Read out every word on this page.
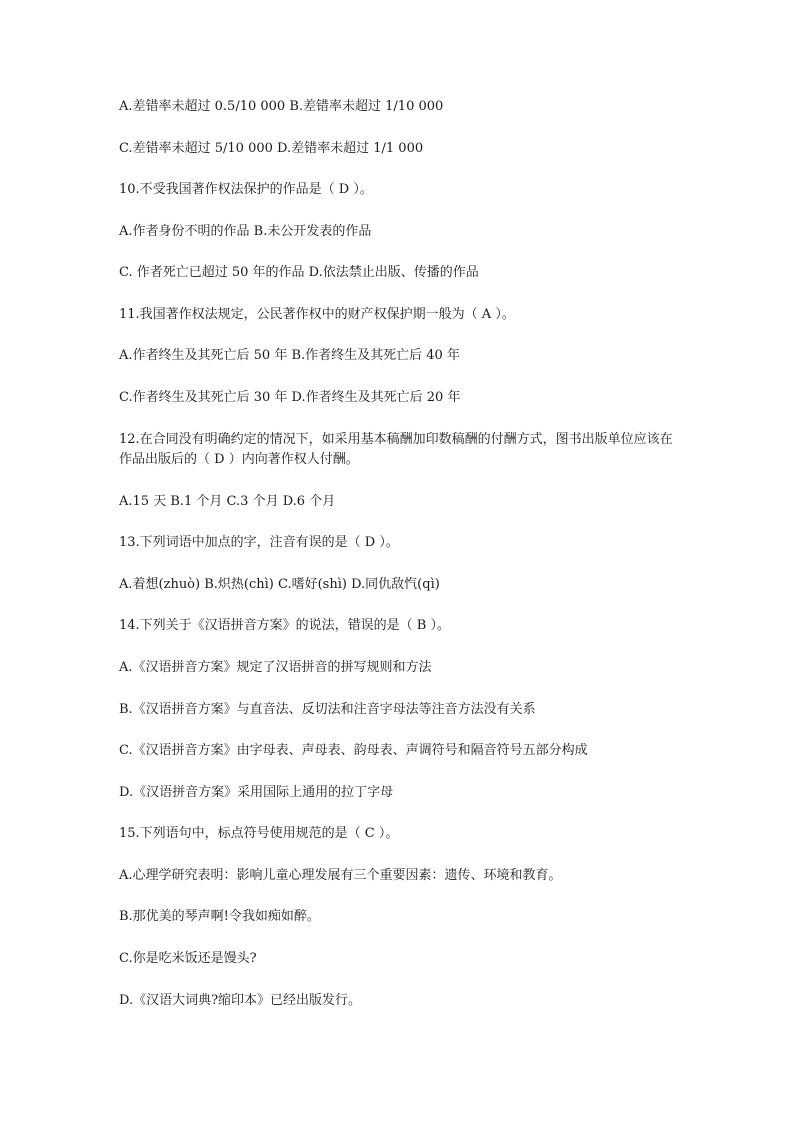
A.差错率未超过 0.5/10 000 B.差错率未超过 1/10 000
C.差错率未超过 5/10 000 D.差错率未超过 1/1 000
10.不受我国著作权法保护的作品是（ D ）。
A.作者身份不明的作品 B.未公开发表的作品
C. 作者死亡已超过 50 年的作品 D.依法禁止出版、传播的作品
11.我国著作权法规定，公民著作权中的财产权保护期一般为（ A ）。
A.作者终生及其死亡后 50 年 B.作者终生及其死亡后 40 年
C.作者终生及其死亡后 30 年 D.作者终生及其死亡后 20 年
12.在合同没有明确约定的情况下，如采用基本稿酬加印数稿酬的付酬方式，图书出版单位应该在作品出版后的（ D ）内向著作权人付酬。
A.15 天 B.1 个月 C.3 个月 D.6 个月
13.下列词语中加点的字，注音有误的是（ D ）。
A.着想(zhuò) B.炽热(chì) C.嗜好(shì) D.同仇敌忾(qì)
14.下列关于《汉语拼音方案》的说法，错误的是（ B ）。
A.《汉语拼音方案》规定了汉语拼音的拼写规则和方法
B.《汉语拼音方案》与直音法、反切法和注音字母法等注音方法没有关系
C.《汉语拼音方案》由字母表、声母表、韵母表、声调符号和隔音符号五部分构成
D.《汉语拼音方案》采用国际上通用的拉丁字母
15.下列语句中，标点符号使用规范的是（ C ）。
A.心理学研究表明：影响儿童心理发展有三个重要因素：遗传、环境和教育。
B.那优美的琴声啊!令我如痴如醉。
C.你是吃米饭还是馒头?
D.《汉语大词典?缩印本》已经出版发行。
